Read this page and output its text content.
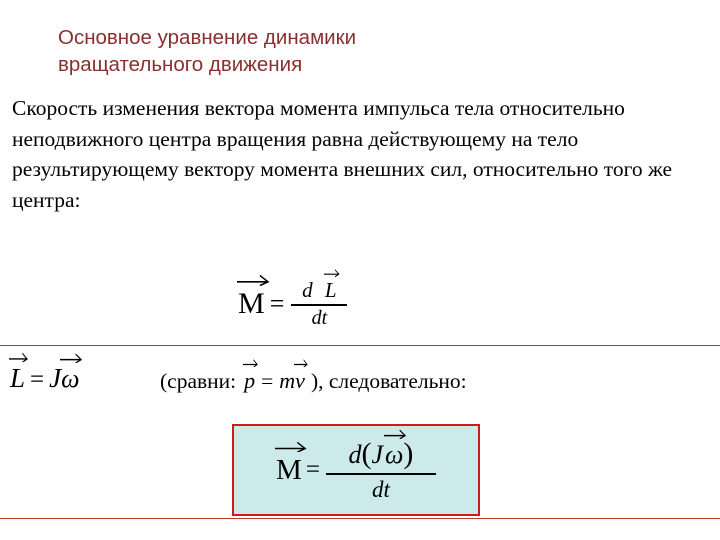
Основное уравнение динамики
вращательного движения
Скорость изменения вектора момента импульса тела относительно неподвижного центра вращения равна действующему на тело результирующему вектору момента внешних сил, относительно того же центра:
$M = \frac{\text{d L}}{dt}$
L = J ω	(сравни: p = m
v ), следовательно:
M = d(J
ω)
dt
